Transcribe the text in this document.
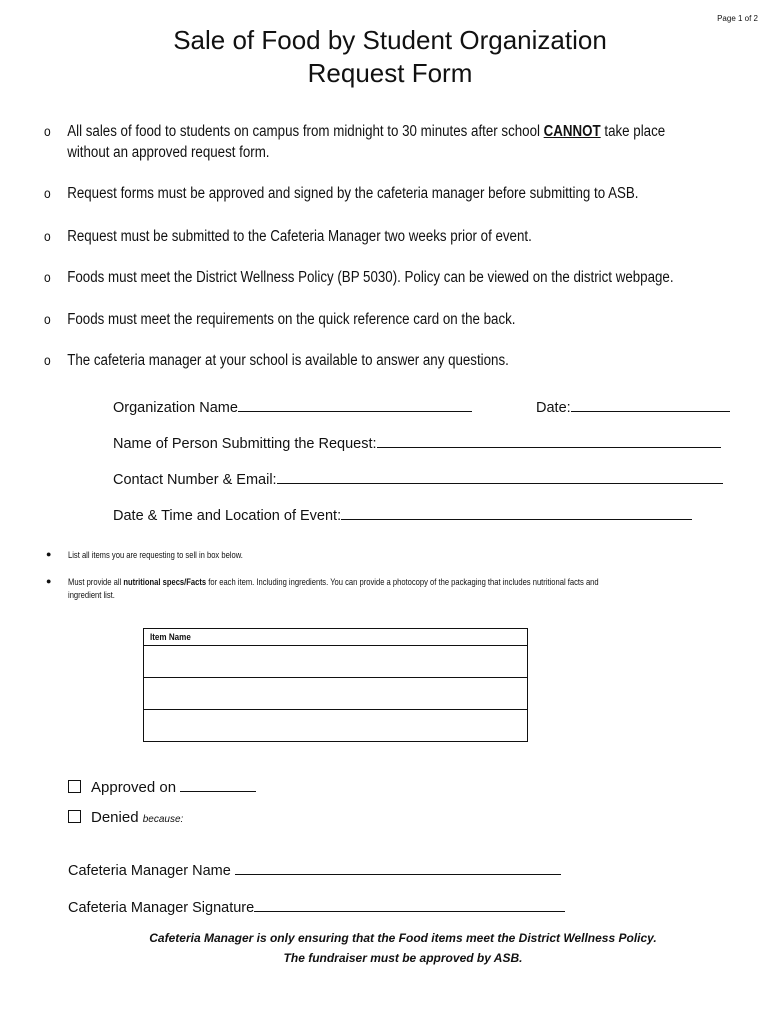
Page 1 of 2
Sale of Food by Student Organization
Request Form
o All sales of food to students on campus from midnight to 30 minutes after school CANNOT take place
without an approved request form.
o Request forms must be approved and signed by the cafeteria manager before submitting to ASB.
o Request must be submitted to the Cafeteria Manager two weeks prior of event.
o Foods must meet the District Wellness Policy (BP 5030). Policy can be viewed on the district webpage.
o Foods must meet the requirements on the quick reference card on the back.
o The cafeteria manager at your school is available to answer any questions.
Organization Name	Date:
Name of Person Submitting the Request:
Contact Number & Email:
Date & Time and Location of Event:
● List all items you are requesting to sell in box below.
● Must provide all nutritional specs/Facts for each item. Including ingredients. You can provide a photocopy of the packaging that includes nutritional facts and
ingredient list.
Item Name

Approved on
Denied because:
Cafeteria Manager Name
Cafeteria Manager Signature
Cafeteria Manager is only ensuring that the Food items meet the District Wellness Policy.
The fundraiser must be approved by ASB.
